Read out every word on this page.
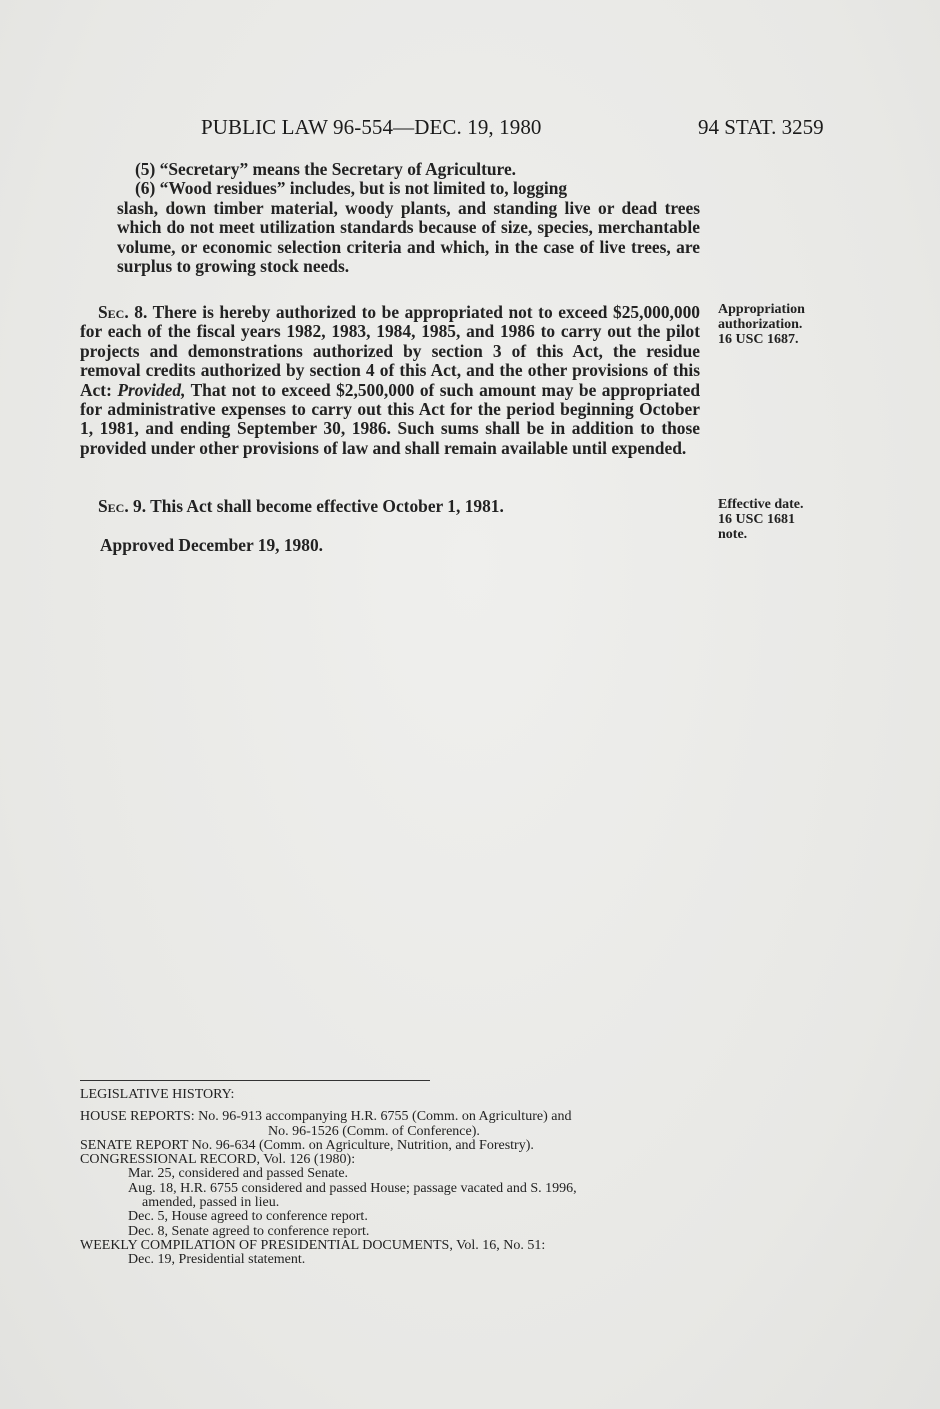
PUBLIC LAW 96-554—DEC. 19, 1980	94 STAT. 3259

(5) “Secretary” means the Secretary of Agriculture.

(6) “Wood residues” includes, but is not limited to, logging

slash, down timber material, woody plants, and standing live or dead trees which do not meet utilization standards because of size, species, merchantable volume, or economic selection criteria and which, in the case of live trees, are surplus to growing stock needs.

Sec. 8. There is hereby authorized to be appropriated not to exceed $25,000,000 for each of the fiscal years 1982, 1983, 1984, 1985, and 1986 to carry out the pilot projects and demonstrations authorized by section 3 of this Act, the residue removal credits authorized by section 4 of this Act, and the other provisions of this Act: Provided, That not to exceed $2,500,000 of such amount may be appropriated for administrative expenses to carry out this Act for the period beginning October 1, 1981, and ending September 30, 1986. Such sums shall be in addition to those provided under other provisions of law and shall remain available until expended.

Sec. 9. This Act shall become effective October 1, 1981.

Approved December 19, 1980.
Appropriation
authorization.
16 USC 1687.
Effective date.
16 USC 1681
note.
LEGISLATIVE HISTORY:
HOUSE REPORTS: No. 96-913 accompanying H.R. 6755 (Comm. on Agriculture) and
No. 96-1526 (Comm. of Conference).
SENATE REPORT No. 96-634 (Comm. on Agriculture, Nutrition, and Forestry).
CONGRESSIONAL RECORD, Vol. 126 (1980):
Mar. 25, considered and passed Senate.
Aug. 18, H.R. 6755 considered and passed House; passage vacated and S. 1996,
amended, passed in lieu.
Dec. 5, House agreed to conference report.
Dec. 8, Senate agreed to conference report.
WEEKLY COMPILATION OF PRESIDENTIAL DOCUMENTS, Vol. 16, No. 51:
Dec. 19, Presidential statement.
